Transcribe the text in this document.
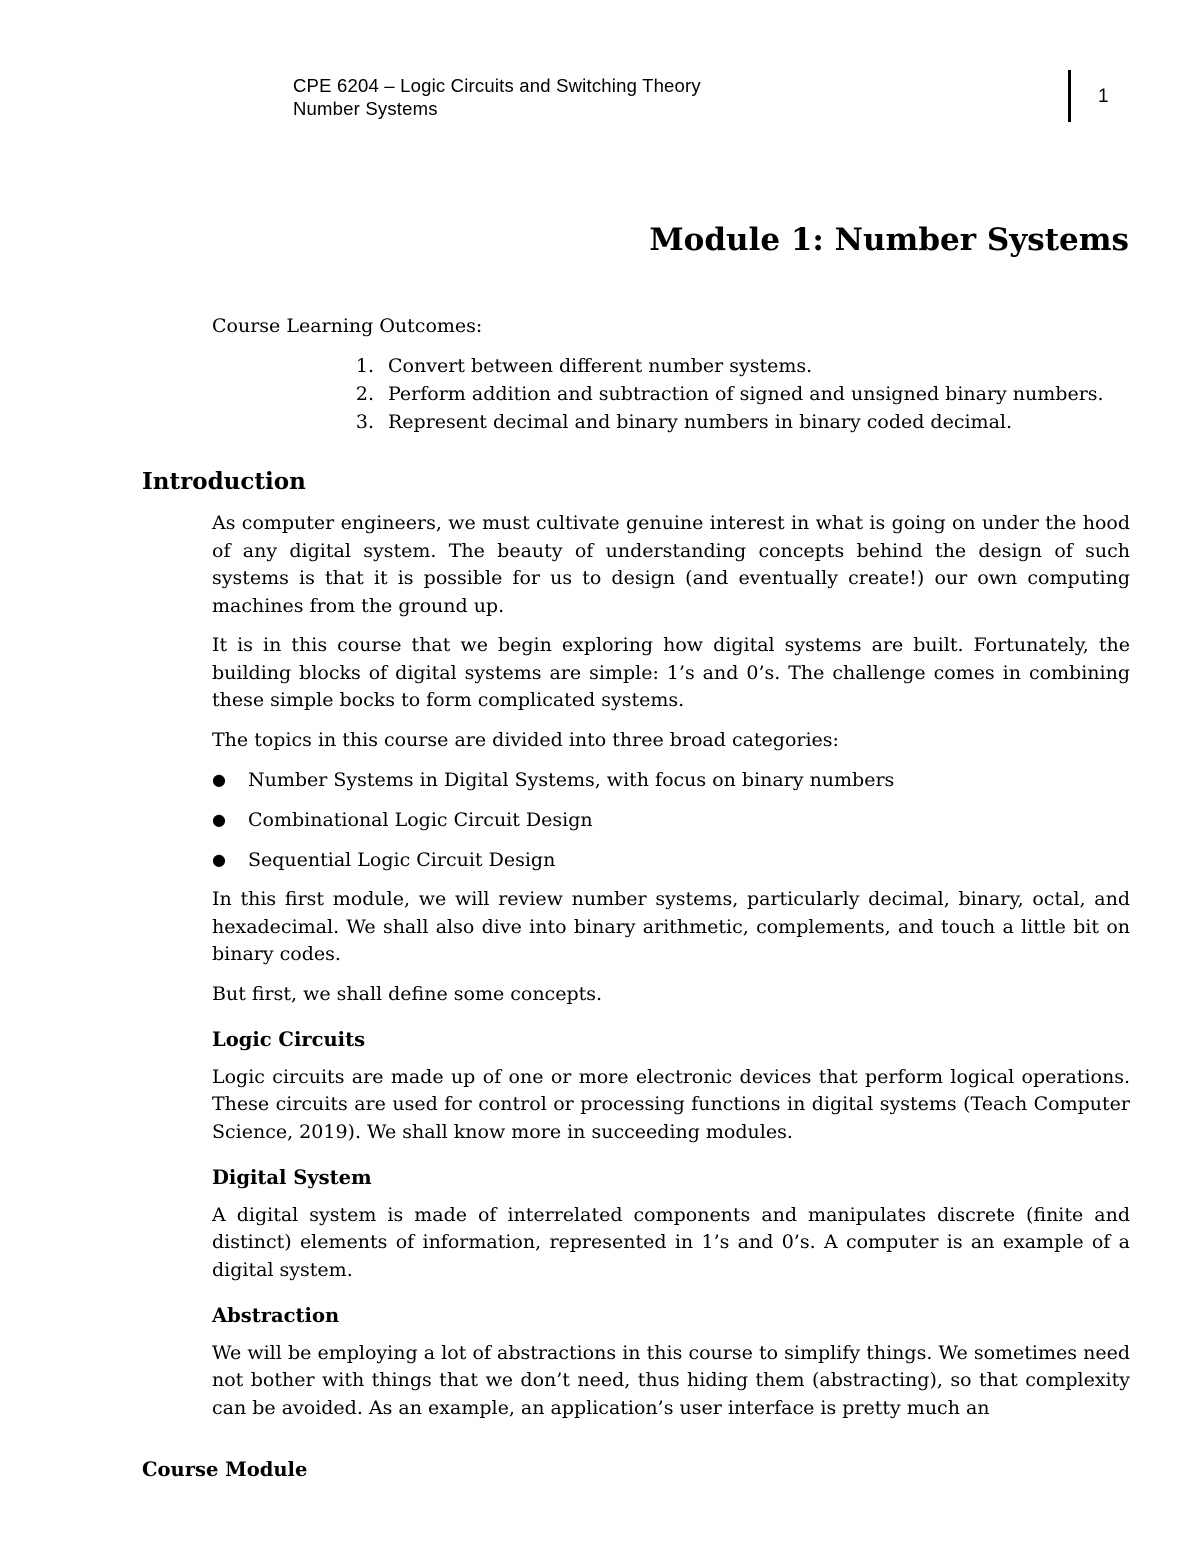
CPE 6204 – Logic Circuits and Switching Theory
Number Systems
1
Module 1: Number Systems
Course Learning Outcomes:
1. Convert between different number systems.
2. Perform addition and subtraction of signed and unsigned binary numbers.
3. Represent decimal and binary numbers in binary coded decimal.
Introduction

As computer engineers, we must cultivate genuine interest in what is going on under the hood of any digital system. The beauty of understanding concepts behind the design of such systems is that it is possible for us to design (and eventually create!) our own computing machines from the ground up.

It is in this course that we begin exploring how digital systems are built. Fortunately, the building blocks of digital systems are simple: 1’s and 0’s. The challenge comes in combining these simple bocks to form complicated systems.

The topics in this course are divided into three broad categories:

●	Number Systems in Digital Systems, with focus on binary numbers
●	Combinational Logic Circuit Design
●	Sequential Logic Circuit Design

In this first module, we will review number systems, particularly decimal, binary, octal, and hexadecimal. We shall also dive into binary arithmetic, complements, and touch a little bit on binary codes.

But first, we shall define some concepts.

Logic Circuits

Logic circuits are made up of one or more electronic devices that perform logical operations. These circuits are used for control or processing functions in digital systems (Teach Computer Science, 2019). We shall know more in succeeding modules.

Digital System

A digital system is made of interrelated components and manipulates discrete (finite and distinct) elements of information, represented in 1’s and 0’s. A computer is an example of a digital system.

Abstraction

We will be employing a lot of abstractions in this course to simplify things. We sometimes need not bother with things that we don’t need, thus hiding them (abstracting), so that complexity can be avoided. As an example, an application’s user interface is pretty much an

Course Module
